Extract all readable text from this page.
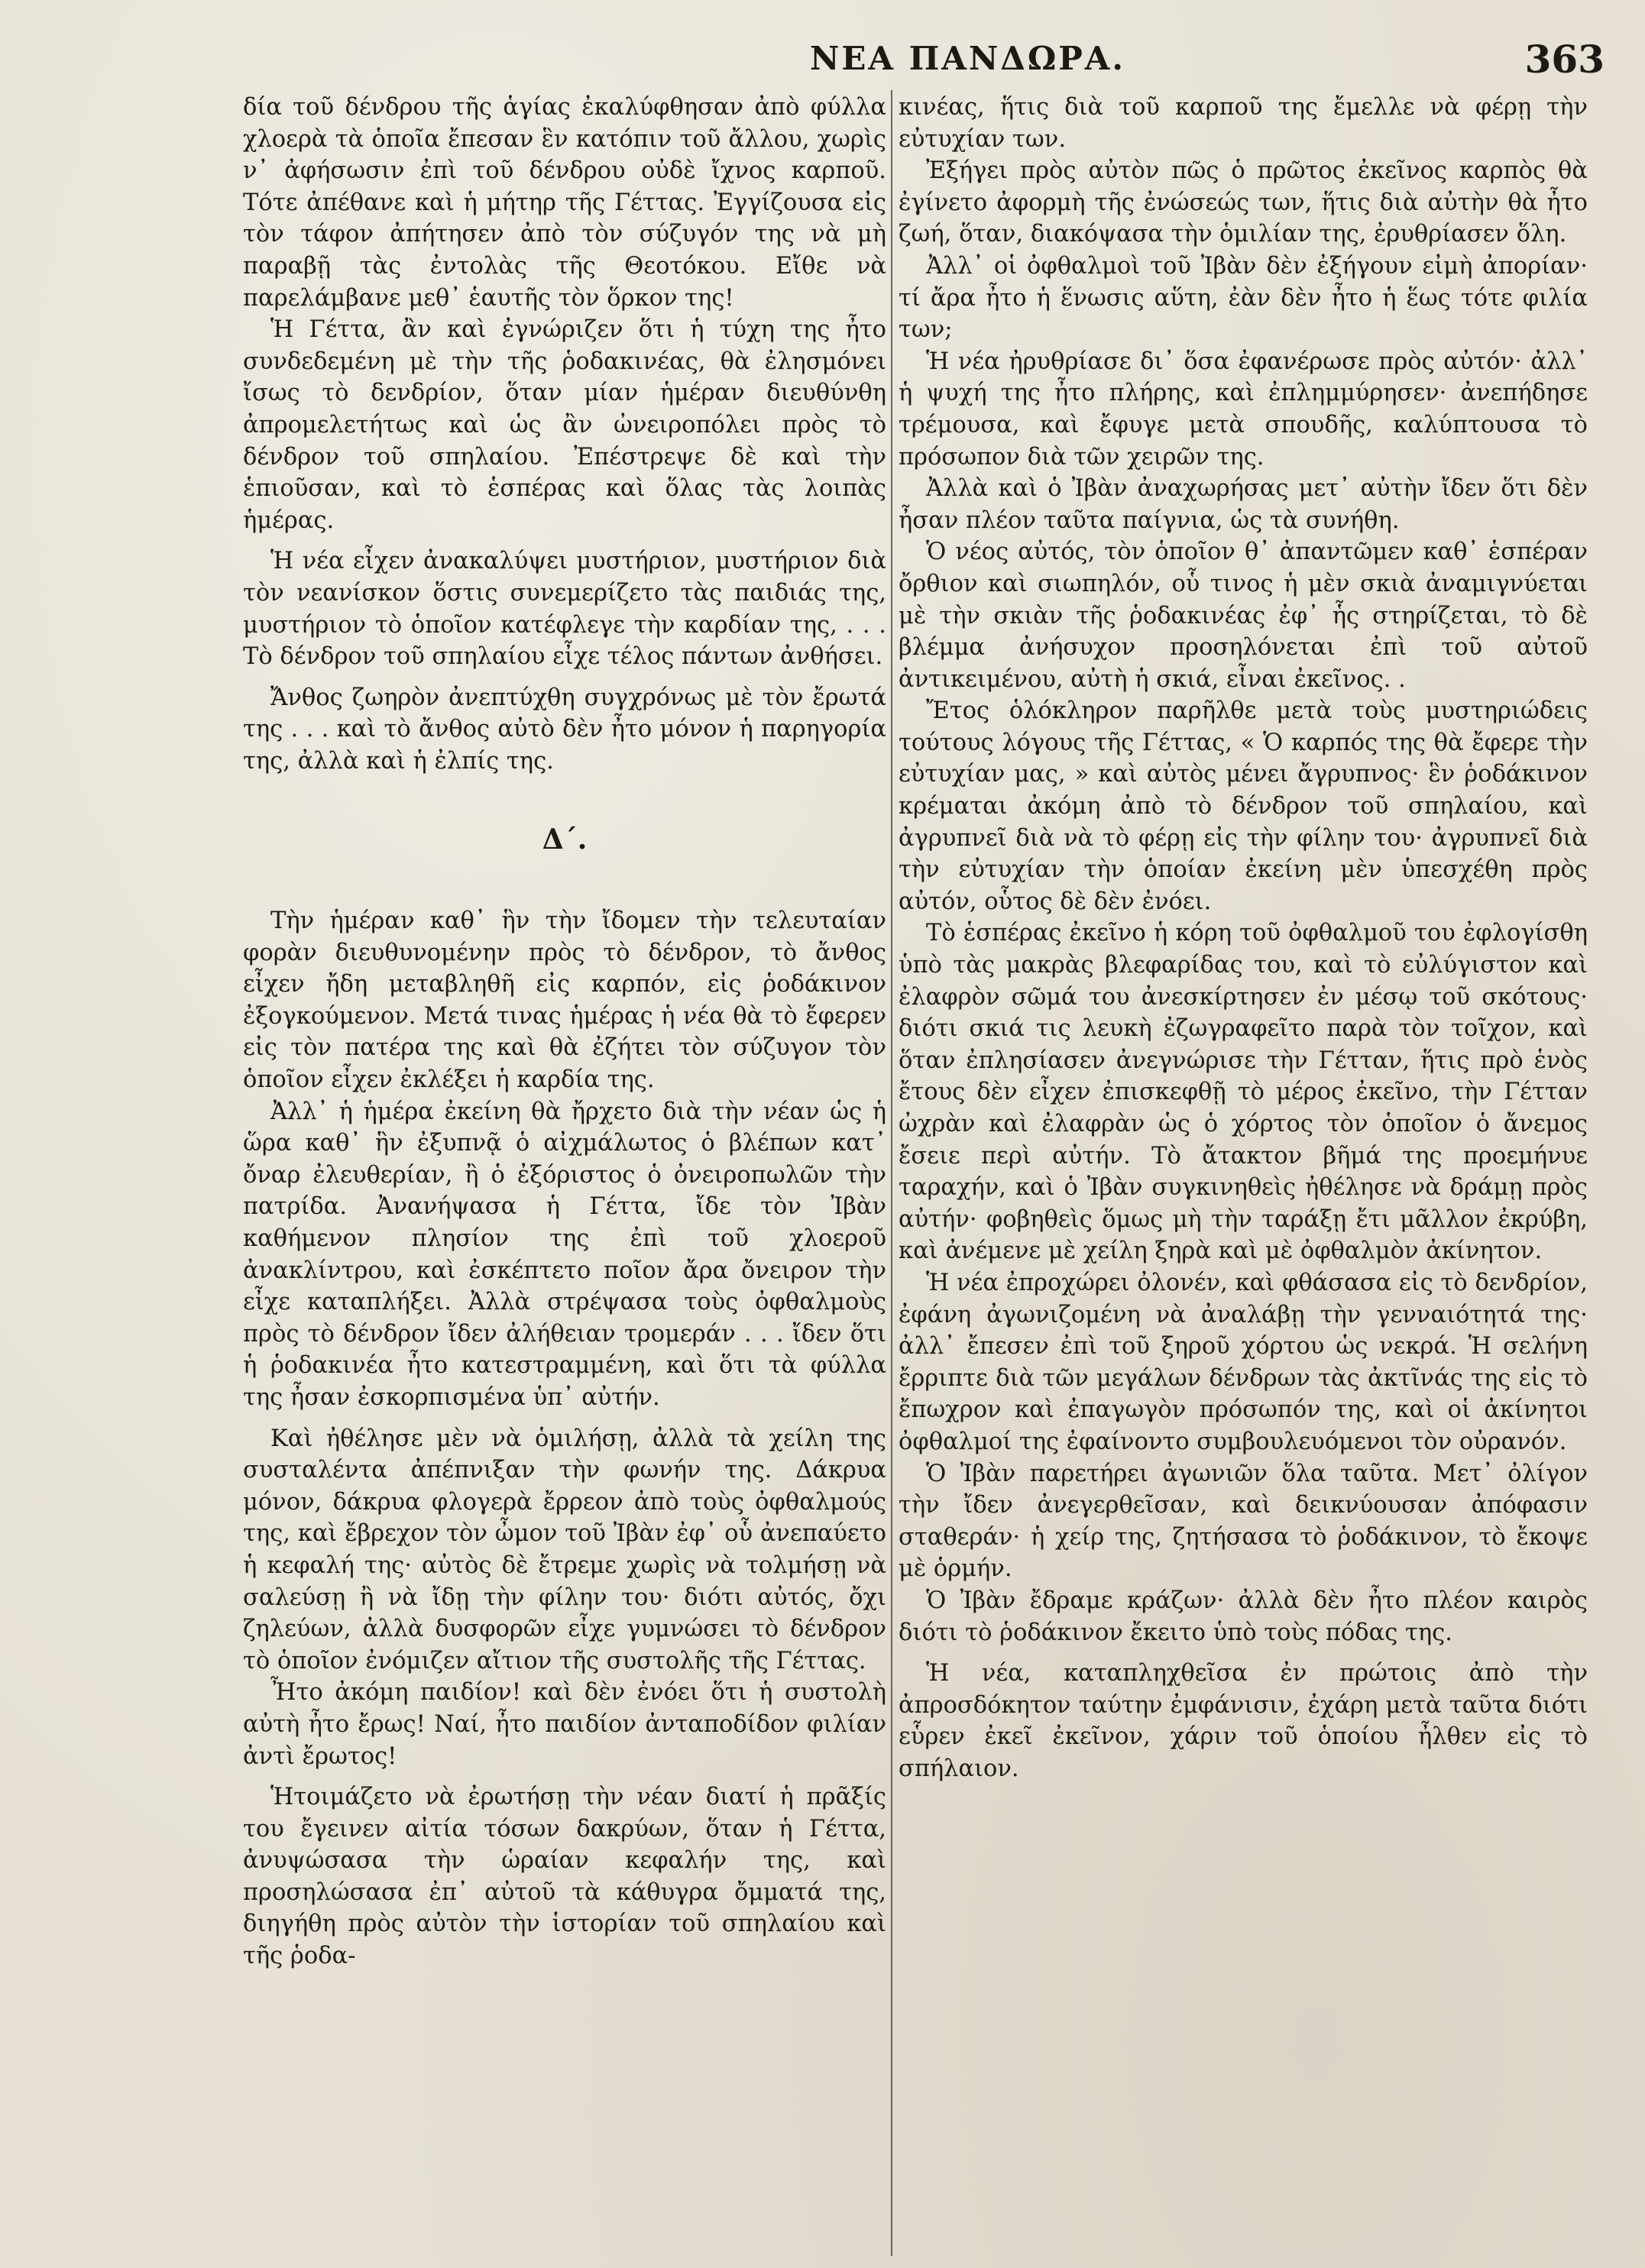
ΝΕΑ ΠΑΝΔΩΡΑ.	363

δία τοῦ δένδρου τῆς ἁγίας ἐκαλύφθησαν ἀπὸ φύλλα χλοερὰ τὰ ὁποῖα ἔπεσαν ἓν κατόπιν τοῦ ἄλλου, χωρὶς ν᾽ ἀφήσωσιν ἐπὶ τοῦ δένδρου οὐδὲ ἴχνος καρποῦ. Τότε ἀπέθανε καὶ ἡ μήτηρ τῆς Γέττας. Ἐγγίζουσα εἰς τὸν τάφον ἀπήτησεν ἀπὸ τὸν σύζυγόν της νὰ μὴ παραβῇ τὰς ἐντολὰς τῆς Θεοτόκου. Εἴθε νὰ παρελάμβανε μεθ᾽ ἑαυτῆς τὸν ὅρκον της!

Ἡ Γέττα, ἂν καὶ ἐγνώριζεν ὅτι ἡ τύχη της ἦτο συνδεδεμένη μὲ τὴν τῆς ῥοδακινέας, θὰ ἐλησμόνει ἴσως τὸ δενδρίον, ὅταν μίαν ἡμέραν διευθύνθη ἀπρομελετήτως καὶ ὡς ἂν ὠνειροπόλει πρὸς τὸ δένδρον τοῦ σπηλαίου. Ἐπέστρεψε δὲ καὶ τὴν ἑπιοῦσαν, καὶ τὸ ἑσπέρας καὶ ὅλας τὰς λοιπὰς ἡμέρας.

Ἡ νέα εἶχεν ἀνακαλύψει μυστήριον, μυστήριον διὰ τὸν νεανίσκον ὅστις συνεμερίζετο τὰς παιδιάς της, μυστήριον τὸ ὁποῖον κατέφλεγε τὴν καρδίαν της, . . . Τὸ δένδρον τοῦ σπηλαίου εἶχε τέλος πάντων ἀνθήσει.

Ἄνθος ζωηρὸν ἀνεπτύχθη συγχρόνως μὲ τὸν ἔρωτά της . . . καὶ τὸ ἄνθος αὐτὸ δὲν ἦτο μόνον ἡ παρηγορία της, ἀλλὰ καὶ ἡ ἐλπίς της.

Δ΄.

Τὴν ἡμέραν καθ᾽ ἣν τὴν ἴδομεν τὴν τελευταίαν φορὰν διευθυνομένην πρὸς τὸ δένδρον, τὸ ἄνθος εἶχεν ἤδη μεταβληθῆ εἰς καρπόν, εἰς ῥοδάκινον ἐξογκούμενον. Μετά τινας ἡμέρας ἡ νέα θὰ τὸ ἔφερεν εἰς τὸν πατέρα της καὶ θὰ ἐζήτει τὸν σύζυγον τὸν ὁποῖον εἶχεν ἐκλέξει ἡ καρδία της.

Ἀλλ᾽ ἡ ἡμέρα ἐκείνη θὰ ἤρχετο διὰ τὴν νέαν ὡς ἡ ὥρα καθ᾽ ἣν ἐξυπνᾷ ὁ αἰχμάλωτος ὁ βλέπων κατ᾽ ὄναρ ἐλευθερίαν, ἢ ὁ ἐξόριστος ὁ ὀνειροπωλῶν τὴν πατρίδα. Ἀνανήψασα ἡ Γέττα, ἴδε τὸν Ἰβὰν καθήμενον πλησίον της ἐπὶ τοῦ χλοεροῦ ἀνακλίντρου, καὶ ἐσκέπτετο ποῖον ἄρα ὄνειρον τὴν εἶχε καταπλήξει. Ἀλλὰ στρέψασα τοὺς ὀφθαλμοὺς πρὸς τὸ δένδρον ἴδεν ἀλήθειαν τρομεράν . . . ἴδεν ὅτι ἡ ῥοδακινέα ἦτο κατεστραμμένη, καὶ ὅτι τὰ φύλλα της ἦσαν ἐσκορπισμένα ὑπ᾽ αὐτήν.

Καὶ ἠθέλησε μὲν νὰ ὁμιλήσῃ, ἀλλὰ τὰ χείλη της συσταλέντα ἀπέπνιξαν τὴν φωνήν της. Δάκρυα μόνον, δάκρυα φλογερὰ ἔρρεον ἀπὸ τοὺς ὀφθαλμούς της, καὶ ἔβρεχον τὸν ὦμον τοῦ Ἰβὰν ἐφ᾽ οὗ ἀνεπαύετο ἡ κεφαλή της· αὐτὸς δὲ ἔτρεμε χωρὶς νὰ τολμήσῃ νὰ σαλεύσῃ ἢ νὰ ἴδῃ τὴν φίλην του· διότι αὐτός, ὄχι ζηλεύων, ἀλλὰ δυσφορῶν εἶχε γυμνώσει τὸ δένδρον τὸ ὁποῖον ἐνόμιζεν αἴτιον τῆς συστολῆς τῆς Γέττας.

Ἦτο ἀκόμη παιδίον! καὶ δὲν ἐνόει ὅτι ἡ συστολὴ αὐτὴ ἦτο ἔρως! Ναί, ἦτο παιδίον ἀνταποδίδον φιλίαν ἀντὶ ἔρωτος!

Ἡτοιμάζετο νὰ ἐρωτήσῃ τὴν νέαν διατί ἡ πρᾶξίς του ἔγεινεν αἰτία τόσων δακρύων, ὅταν ἡ Γέττα, ἀνυψώσασα τὴν ὡραίαν κεφαλήν της, καὶ προσηλώσασα ἐπ᾽ αὐτοῦ τὰ κάθυγρα ὄμματά της, διηγήθη πρὸς αὐτὸν τὴν ἱστορίαν τοῦ σπηλαίου καὶ τῆς ῥοδα-

κινέας, ἥτις διὰ τοῦ καρποῦ της ἔμελλε νὰ φέρῃ τὴν εὐτυχίαν των.

Ἐξήγει πρὸς αὐτὸν πῶς ὁ πρῶτος ἐκεῖνος καρπὸς θὰ ἐγίνετο ἀφορμὴ τῆς ἐνώσεώς των, ἥτις διὰ αὐτὴν θὰ ἦτο ζωή, ὅταν, διακόψασα τὴν ὁμιλίαν της, ἐρυθρίασεν ὅλη.

Ἀλλ᾽ οἱ ὀφθαλμοὶ τοῦ Ἰβὰν δὲν ἐξήγουν εἰμὴ ἀπορίαν· τί ἄρα ἦτο ἡ ἕνωσις αὕτη, ἐὰν δὲν ἦτο ἡ ἕως τότε φιλία των;

Ἡ νέα ἠρυθρίασε δι᾽ ὅσα ἐφανέρωσε πρὸς αὐτόν· ἀλλ᾽ ἡ ψυχή της ἦτο πλήρης, καὶ ἐπλημμύρησεν· ἀνεπήδησε τρέμουσα, καὶ ἔφυγε μετὰ σπουδῆς, καλύπτουσα τὸ πρόσωπον διὰ τῶν χειρῶν της.

Ἀλλὰ καὶ ὁ Ἰβὰν ἀναχωρήσας μετ᾽ αὐτὴν ἴδεν ὅτι δὲν ἦσαν πλέον ταῦτα παίγνια, ὡς τὰ συνήθη.

Ὁ νέος αὐτός, τὸν ὁποῖον θ᾽ ἀπαντῶμεν καθ᾽ ἑσπέραν ὄρθιον καὶ σιωπηλόν, οὗ τινος ἡ μὲν σκιὰ ἀναμιγνύεται μὲ τὴν σκιὰν τῆς ῥοδακινέας ἐφ᾽ ἧς στηρίζεται, τὸ δὲ βλέμμα ἀνήσυχον προσηλόνεται ἐπὶ τοῦ αὐτοῦ ἀντικειμένου, αὐτὴ ἡ σκιά, εἶναι ἐκεῖνος. .

Ἔτος ὁλόκληρον παρῆλθε μετὰ τοὺς μυστηριώδεις τούτους λόγους τῆς Γέττας, « Ὁ καρπός της θὰ ἔφερε τὴν εὐτυχίαν μας, » καὶ αὐτὸς μένει ἄγρυπνος· ἓν ῥοδάκινον κρέμαται ἀκόμη ἀπὸ τὸ δένδρον τοῦ σπηλαίου, καὶ ἀγρυπνεῖ διὰ νὰ τὸ φέρῃ εἰς τὴν φίλην του· ἀγρυπνεῖ διὰ τὴν εὐτυχίαν τὴν ὁποίαν ἐκείνη μὲν ὑπεσχέθη πρὸς αὐτόν, οὗτος δὲ δὲν ἐνόει.

Τὸ ἑσπέρας ἐκεῖνο ἡ κόρη τοῦ ὀφθαλμοῦ του ἐφλογίσθη ὑπὸ τὰς μακρὰς βλεφαρίδας του, καὶ τὸ εὐλύγιστον καὶ ἐλαφρὸν σῶμά του ἀνεσκίρτησεν ἐν μέσῳ τοῦ σκότους· διότι σκιά τις λευκὴ ἐζωγραφεῖτο παρὰ τὸν τοῖχον, καὶ ὅταν ἐπλησίασεν ἀνεγνώρισε τὴν Γέτταν, ἥτις πρὸ ἑνὸς ἔτους δὲν εἶχεν ἐπισκεφθῇ τὸ μέρος ἐκεῖνο, τὴν Γέτταν ὠχρὰν καὶ ἐλαφρὰν ὡς ὁ χόρτος τὸν ὁποῖον ὁ ἄνεμος ἔσειε περὶ αὐτήν. Τὸ ἄτακτον βῆμά της προεμήνυε ταραχήν, καὶ ὁ Ἰβὰν συγκινηθεὶς ἠθέλησε νὰ δράμῃ πρὸς αὐτήν· φοβηθεὶς ὅμως μὴ τὴν ταράξῃ ἔτι μᾶλλον ἐκρύβη, καὶ ἀνέμενε μὲ χείλη ξηρὰ καὶ μὲ ὀφθαλμὸν ἀκίνητον.

Ἡ νέα ἐπροχώρει ὀλονέν, καὶ φθάσασα εἰς τὸ δενδρίον, ἐφάνη ἀγωνιζομένη νὰ ἀναλάβῃ τὴν γενναιότητά της· ἀλλ᾽ ἔπεσεν ἐπὶ τοῦ ξηροῦ χόρτου ὡς νεκρά. Ἡ σελήνη ἔρριπτε διὰ τῶν μεγάλων δένδρων τὰς ἀκτῖνάς της εἰς τὸ ἔπωχρον καὶ ἐπαγωγὸν πρόσωπόν της, καὶ οἱ ἀκίνητοι ὀφθαλμοί της ἐφαίνοντο συμβουλευόμενοι τὸν οὐρανόν.

Ὁ Ἰβὰν παρετήρει ἀγωνιῶν ὅλα ταῦτα. Μετ᾽ ὀλίγον τὴν ἴδεν ἀνεγερθεῖσαν, καὶ δεικνύουσαν ἀπόφασιν σταθεράν· ἡ χείρ της, ζητήσασα τὸ ῥοδάκινον, τὸ ἔκοψε μὲ ὁρμήν.

Ὁ Ἰβὰν ἔδραμε κράζων· ἀλλὰ δὲν ἦτο πλέον καιρὸς διότι τὸ ῥοδάκινον ἔκειτο ὑπὸ τοὺς πόδας της.

Ἡ νέα, καταπληχθεῖσα ἐν πρώτοις ἀπὸ τὴν ἀπροσδόκητον ταύτην ἐμφάνισιν, ἐχάρη μετὰ ταῦτα διότι εὗρεν ἐκεῖ ἐκεῖνον, χάριν τοῦ ὁποίου ἦλθεν εἰς τὸ σπήλαιον.
